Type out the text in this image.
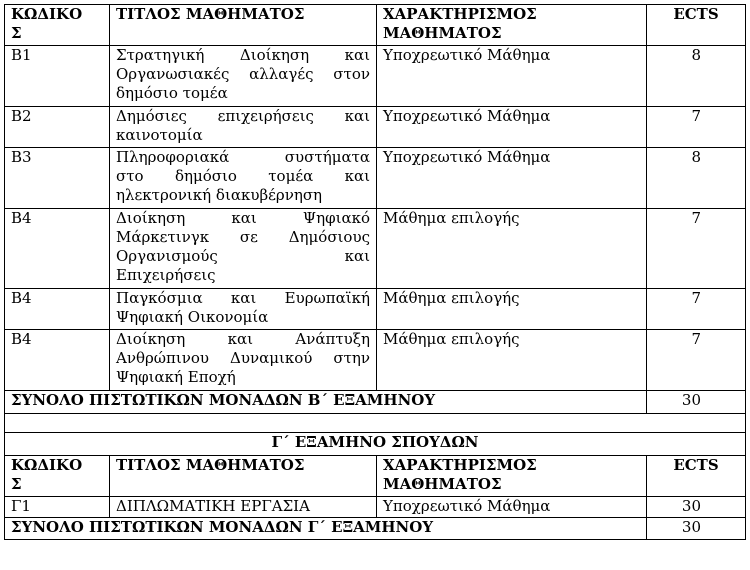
ΚΩΔΙΚΟ
Σ	ΤΙΤΛΟΣ ΜΑΘΗΜΑΤΟΣ	ΧΑΡΑΚΤΗΡΙΣΜΟΣ
ΜΑΘΗΜΑΤΟΣ	ECTS
Β1	Στρατηγική Διοίκηση και
Οργανωσιακές αλλαγές στον
δημόσιο τομέα	Υποχρεωτικό Μάθημα	8
Β2	Δημόσιες επιχειρήσεις και
καινοτομία	Υποχρεωτικό Μάθημα	7
Β3	Πληροφοριακά συστήματα
στο δημόσιο τομέα και
ηλεκτρονική διακυβέρνηση	Υποχρεωτικό Μάθημα	8
Β4	Διοίκηση και Ψηφιακό
Μάρκετινγκ σε Δημόσιους
Οργανισμούς και
Επιχειρήσεις	Μάθημα επιλογής	7
Β4	Παγκόσμια και Ευρωπαϊκή
Ψηφιακή Οικονομία	Μάθημα επιλογής	7
Β4	Διοίκηση και Ανάπτυξη
Ανθρώπινου Δυναμικού στην
Ψηφιακή Εποχή	Μάθημα επιλογής	7
ΣΥΝΟΛΟ ΠΙΣΤΩΤΙΚΩΝ ΜΟΝΑΔΩΝ Β΄ ΕΞΑΜΗΝΟΥ			30

Γ΄ ΕΞΑΜΗΝΟ ΣΠΟΥΔΩΝ			

ΚΩΔΙΚΟ
Σ	ΤΙΤΛΟΣ ΜΑΘΗΜΑΤΟΣ	ΧΑΡΑΚΤΗΡΙΣΜΟΣ
ΜΑΘΗΜΑΤΟΣ	ECTS
Γ1	ΔΙΠΛΩΜΑΤΙΚΗ ΕΡΓΑΣΙΑ	Υποχρεωτικό Μάθημα	30
ΣΥΝΟΛΟ ΠΙΣΤΩΤΙΚΩΝ ΜΟΝΑΔΩΝ Γ΄ ΕΞΑΜΗΝΟΥ			30
